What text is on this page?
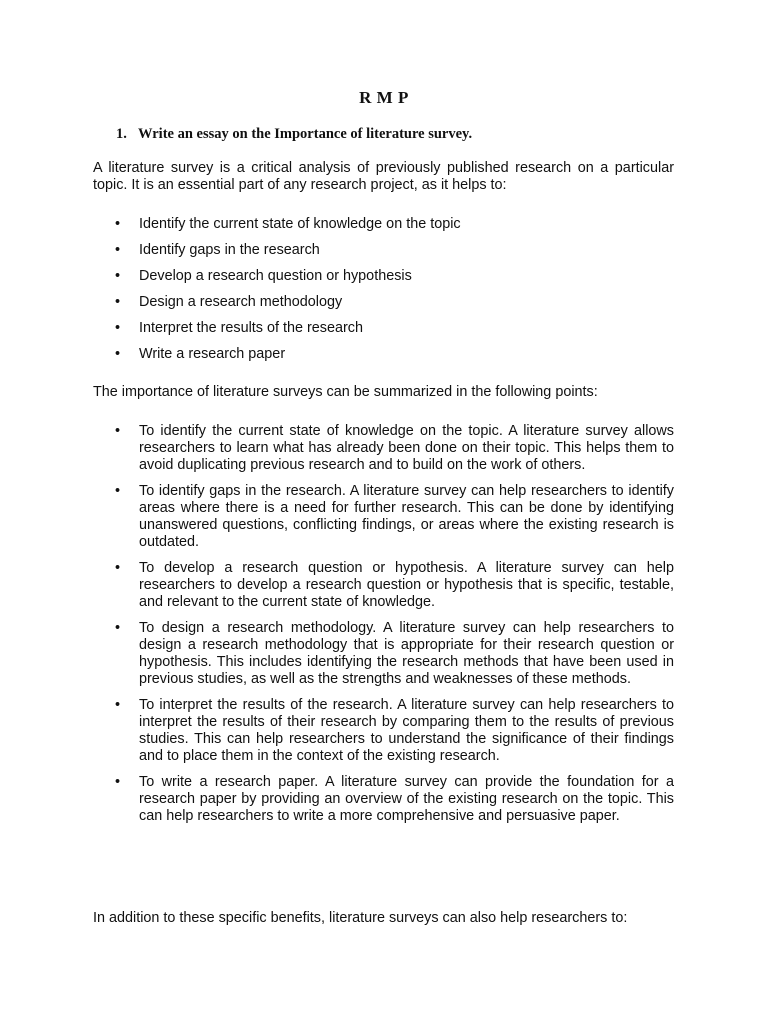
R M P

1. Write an essay on the Importance of literature survey.

A literature survey is a critical analysis of previously published research on a particular topic. It is an essential part of any research project, as it helps to:

• Identify the current state of knowledge on the topic
• Identify gaps in the research
• Develop a research question or hypothesis
• Design a research methodology
• Interpret the results of the research
• Write a research paper

The importance of literature surveys can be summarized in the following points:

• To identify the current state of knowledge on the topic. A literature survey allows researchers to learn what has already been done on their topic. This helps them to avoid duplicating previous research and to build on the work of others.
• To identify gaps in the research. A literature survey can help researchers to identify areas where there is a need for further research. This can be done by identifying unanswered questions, conflicting findings, or areas where the existing research is outdated.
• To develop a research question or hypothesis. A literature survey can help researchers to develop a research question or hypothesis that is specific, testable, and relevant to the current state of knowledge.
• To design a research methodology. A literature survey can help researchers to design a research methodology that is appropriate for their research question or hypothesis. This includes identifying the research methods that have been used in previous studies, as well as the strengths and weaknesses of these methods.
• To interpret the results of the research. A literature survey can help researchers to interpret the results of their research by comparing them to the results of previous studies. This can help researchers to understand the significance of their findings and to place them in the context of the existing research.
• To write a research paper. A literature survey can provide the foundation for a research paper by providing an overview of the existing research on the topic. This can help researchers to write a more comprehensive and persuasive paper.

In addition to these specific benefits, literature surveys can also help researchers to:
